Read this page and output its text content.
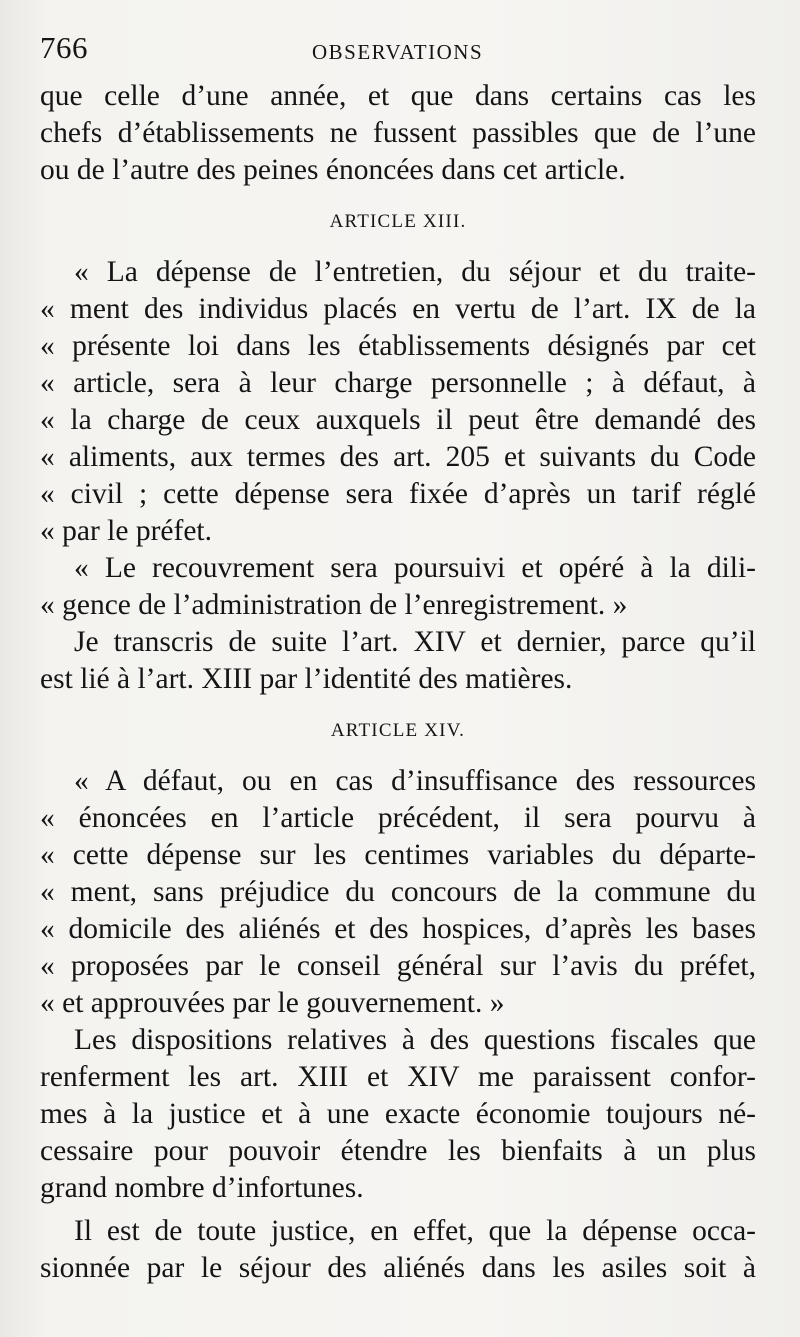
766	OBSERVATIONS
que celle d’une année, et que dans certains cas les
chefs d’établissements ne fussent passibles que de l’une
ou de l’autre des peines énoncées dans cet article.
ARTICLE XIII.
« La dépense de l’entretien, du séjour et du traite-
« ment des individus placés en vertu de l’art. IX de la
« présente loi dans les établissements désignés par cet
« article, sera à leur charge personnelle ; à défaut, à
« la charge de ceux auxquels il peut être demandé des
« aliments, aux termes des art. 205 et suivants du Code
« civil ; cette dépense sera fixée d’après un tarif réglé
« par le préfet.
« Le recouvrement sera poursuivi et opéré à la dili-
« gence de l’administration de l’enregistrement. »
Je transcris de suite l’art. XIV et dernier, parce qu’il
est lié à l’art. XIII par l’identité des matières.
ARTICLE XIV.
« A défaut, ou en cas d’insuffisance des ressources
« énoncées en l’article précédent, il sera pourvu à
« cette dépense sur les centimes variables du départe-
« ment, sans préjudice du concours de la commune du
« domicile des aliénés et des hospices, d’après les bases
« proposées par le conseil général sur l’avis du préfet,
« et approuvées par le gouvernement. »
Les dispositions relatives à des questions fiscales que
renferment les art. XIII et XIV me paraissent confor-
mes à la justice et à une exacte économie toujours né-
cessaire pour pouvoir étendre les bienfaits à un plus
grand nombre d’infortunes.
Il est de toute justice, en effet, que la dépense occa-
sionnée par le séjour des aliénés dans les asiles soit à
